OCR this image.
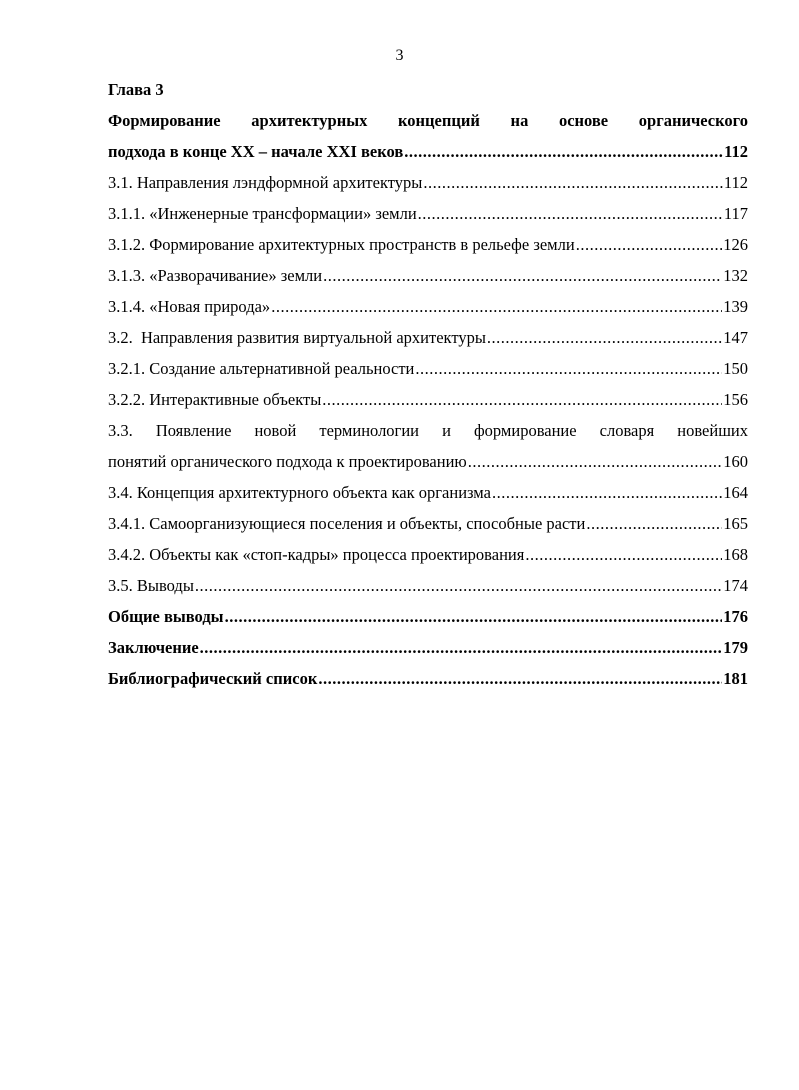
3
Глава 3
Формирование архитектурных концепций на основе органического
подхода в конце XX – начале XXI веков .....	112
3.1. Направления лэндформной архитектуры .....	112
3.1.1. «Инженерные трансформации» земли .....	117
3.1.2. Формирование архитектурных пространств в рельефе земли .....	126
3.1.3. «Разворачивание» земли .....	132
3.1.4. «Новая природа» .....	139
3.2.  Направления развития виртуальной архитектуры .....	147
3.2.1. Создание альтернативной реальности .....	150
3.2.2. Интерактивные объекты .....	156
3.3. Появление новой терминологии и формирование словаря новейших
понятий органического подхода к проектированию .....	160
3.4. Концепция архитектурного объекта как организма .....	164
3.4.1. Самоорганизующиеся поселения и объекты, способные расти .....	165
3.4.2. Объекты как «стоп-кадры» процесса проектирования .....	168
3.5. Выводы .....	174
Общие выводы .....	176
Заключение .....	179
Библиографический список .....	181
